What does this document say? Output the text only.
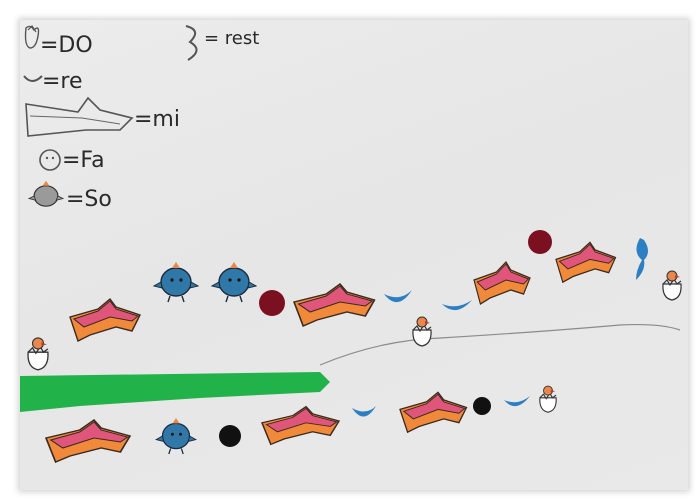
=DO
=re
=mi
=Fa
=So
= rest
